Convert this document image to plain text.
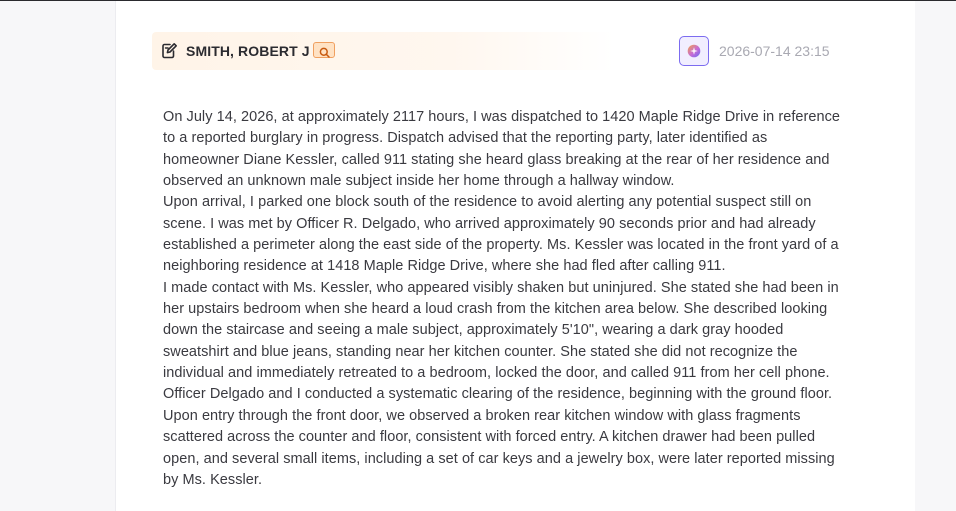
SMITH, ROBERT J	2026-07-14 23:15

On July 14, 2026, at approximately 2117 hours, I was dispatched to 1420 Maple Ridge Drive in reference to a reported burglary in progress. Dispatch advised that the reporting party, later identified as homeowner Diane Kessler, called 911 stating she heard glass breaking at the rear of her residence and observed an unknown male subject inside her home through a hallway window.

Upon arrival, I parked one block south of the residence to avoid alerting any potential suspect still on scene. I was met by Officer R. Delgado, who arrived approximately 90 seconds prior and had already established a perimeter along the east side of the property. Ms. Kessler was located in the front yard of a neighboring residence at 1418 Maple Ridge Drive, where she had fled after calling 911.

I made contact with Ms. Kessler, who appeared visibly shaken but uninjured. She stated she had been in her upstairs bedroom when she heard a loud crash from the kitchen area below. She described looking down the staircase and seeing a male subject, approximately 5'10", wearing a dark gray hooded sweatshirt and blue jeans, standing near her kitchen counter. She stated she did not recognize the individual and immediately retreated to a bedroom, locked the door, and called 911 from her cell phone.

Officer Delgado and I conducted a systematic clearing of the residence, beginning with the ground floor. Upon entry through the front door, we observed a broken rear kitchen window with glass fragments scattered across the counter and floor, consistent with forced entry. A kitchen drawer had been pulled open, and several small items, including a set of car keys and a jewelry box, were later reported missing by Ms. Kessler.
